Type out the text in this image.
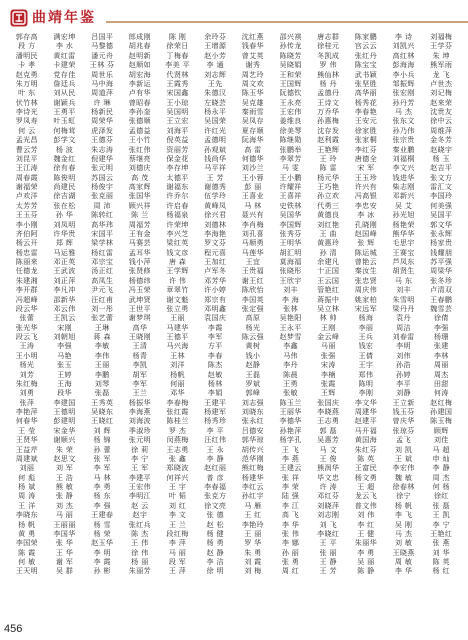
曲靖年鉴
郭存高	满宏坤	吕国平	郎成刚	陈 刚	余玲芬	沈红燕	邵兴祺	唐志群	陈家鹏	李 诗	刘福梅
段 方	李 水	马黎德	胡兆春	徐荣日	王增源	钱春华	孙传龙	徐桂元	宫云云	刘凯兴	王学芬
潘明民	黄红雷	潘元舟	赵明新	丁梅春	赵小芳	曾艾英	陈晓芳	冬凯成	张红丹	高红林	朱 坤
卡 孝	卡建荣	王林 芬	赵顺如	李美 平	李 通	谢秀	吴晓娟	罗 伟	陈宝宝	彭海海	熊军雨
赵克勇	党存佳	周世乐	胡宏海	代贤林	刘志辉	周艺玲	王和荣	熊仙林	武书颖	李小兵	龙 飞
朱万明	詹廷兵	马中海	李新运	王霞秀	王先	周文欢	王国辉	杨 丹	张坚胜	邹振辉	卢世杰
叶 东	刘从民	周道萍	卢有华	宋国鑫	朱德汉	陈玉华	阮德钦	孟德丹	高华丽	张宏刚	刘记梅
伏竹林	谢颖兵	许 琳	曾昭春	王小琼	左晓芸	吴克雄	王永亮	王诗文	杨秀花	孙丹芳	赵来荣
李诗光	王勇平	杨新民	李孙奎	吴国明	杨永平	秦雨雪	王宏伟	万乔华	李春艳	马 杰	沈贵友
罗凤寿	叶玉虹	周荣华	张德顺	王立宏	吴国荣	吴凤存	姜维良	孙惠梅	王安元	张东文	徐中云
何 云	何梅茸	虎泽发	孟德益	刘海平	许红光	夏存顺	徐美琴	沈存发	徐家胜	孙乃伟	周维萍
孟光昌	彭学文	王德芬	王小竹	倪英益	孟德明	阮海华	陈继勋	赵利霞	张家桐	张宗贵	金冬芳
曹云芳	杨 波	朱志涛	张红伟	资丽芳	孙观斌	高 雷	张鹏举	王艳辉	李红芬	秦业鹏	赵晓宇
刘昆平	魏金红	倪建华	蔡继亮	保金花	钱尚华	何德华	李翠芳	王 玲	唐德全	刘福桐	杨 玉
王江涛	徐有春	张元明	刘德庆	李存坤	马平祥	刘沙兰	马 雯	陈 雷	宋 军	李文兴	赵吉平
周春霞	陈俊明	苏国云	高 茂	太德平	王 芳	王小蓉	王小鹏	杨元华	王玉珍	钱进华	张文方
谢福荣	尚建民	杨俊宇	高家辉	谢福东	谢德秀	彭 丽	许耀祥	王巧艳	许兴有	柴志刚	雷汇文
卢欢洋	徐吉湖	张克丽	张国华	许乔尔	伍学玲	王喜业	王喜祥	孙立欢	冯高银	邓新兴	李国玲
太芳芳	张在松	周 沛	顾兴祥	许启春	黄峰凤	马 林	史铁林	代勇三	李忠安	吴 艾	何美强
王玉芬	孙 华	陈转红	陈 兰	杨福泉	徐兴君	聂兴有	吴国华	黄德良	李 冰	孙光旭	吴国平
李小刚	刘凤明	高华玮	周福芳	许荣坤	刘德林	李肖梅	李国辉	刘红艳	孔晓刚	杨艳荣	郭文华
齐伯阿	许华贵	宋国平	王有金	李兴芝	李海艳	刘孔喜	张秀芬	王 曲	赵国峰	熊华华	张永辉
杨云开	郑 辉	梁学林	马赛芸	梁红英	罗文芬	马顺勇	王明华	黄惠玲	张 辉	毛思宇	杨家贵
杨忠雷	马运雅	杨红雷	孟耳华	钱文彦	程元喜	马莲华	胡汇明	孙 清	陈运城	王赛宝	钱耀朋
陈丽来	邓正英	邓宗宝	钱小萍	唐 森	王加红	王宜	莫海福	余建凡	曾艳云	芦凤东	苏平强
任德龙	王武波	汤正红	张贤修	王学辉	卢军冬	王贵福	张晓彤	十正国	秦汝生	胡贤生	周梁华
朱建湘	刘正萍	高凤生	杨德纬	许 伟	邓芳华	谢王红	王欣宇	王云国	张忠贤	马 东	张冬珍
李开群	李凡冲	尹元飞	冯玉荣	章翠竹	许小婷	陈欣怡	刘丰	管艳红	周庆伟	刘丰	卢清双
冯超峰	邵新华	汪红甫	武坤贤	谢文魁	郑宗有	李国英	李 海	蒋振中	姚家柏	朱雪明	王春鹏
段云华	邓云伟	刘一彤	王世平	张立勇	邓明鑫	张定强	张林	吴立林	宋远军	梁丹丹	魏雪芸
张蕾	王凯云	张艺蕾	谢梦琪	王丽	袁国庆	高原	吴艳阳	林 帅	杨海	袁丹	徐倩
张光华	宋刚	王琳	高华	马建华	李霞	杨光	王永平	王刚	李丽	周洁	李强
段云飞	刘朝旭	蒋 森	王晓刚	王德平	李军	陈云强	赵梦雪	金云峰	王兵	刘春雷	杨珊
王涛	李强	李敏	王清	马兴海	方平	黄树	李鑫	马丽	钱宏	李明	张建
王小明	马艳	李伟	杨青	王林	李春	钱小	马伟	张强	王倩	刘伟	李林
杨光	张玉	王丽	李凯	刘洋	陈杰	赵静	李丹	宋涛	王宇	孙浩	周丽
刘芳	王婷	李鹏	胡军	杨帆	赵敏	王磊	陈晨	李楠	郑伟	孙婷	周杰
朱红梅	王海	刘琴	李军	何丽	杨林	罗斌	王勇	张霞	陈明	李平	田甜
刘勇	段华	张磊	王兰	邓华	李娟	郭峰	张敏	王辉	李刚	刘静	何涛
张萍	李建国	王秀英	杨振华	李春梅	王建平	刘志强	陈玉兰	张国庆	李文华	王立新	赵红梅
李艳萍	王德明	吴晓东	李海燕	张红霞	杨建军	刘晓东	王丽华	李晓燕	周建华	钱玉芬	孙建国
何春华	彭建明	王晓红	刘海波	陈桂兰	杨秀珍	张永红	李德华	王志勇	赵建平	曾庆华	陈玉梅
王 莹	宋金华	刘 辉	季淑珍	罗 杰	李 平	吕德安	孙艳萍	郭 磊	马开福	张琼芬	顾辉
王贤华	谢顺兴	杨 锦	张元明	闵燕梅	汪红伟	郭华琼	杨学孔	吴惠芳	黄国海	孟飞	刘佳
王益芹	朱 荣	孙 蕾	徐 莉	王志勇	王 永	胡传兴	王 飞	马 文	朱红芬	刘 凯	马 超
周建斌	赵思文	张 军	李 宁	张 鑫	李 静	范华刚	李 燕	王 俊	陈 英	王 斌	申 灿
刘丽	刘 军	李 军	王 军	郑晓波	赵红丽	熊红梅	王建云	熊润华	王富民	李宏伟	李 静
何 彪	王 浩	马 林	李建平	何祥兴	普 彦	杨建华	张 祥	毕文忠	杨文勇	魏 敏	周 杰
杨 斌	熊 敏	李 勇	王宏伟	王 宇	李春福	李红云	李 荣	许 涛	王 超	徐春林	何 杨
周 涛	张 静	杨 东	李明江	叶 韬	张克方	孙红宇	陆 强	邓红芬	龙云飞	徐宁	徐红
王 洋	刘 杰	李 强	赵 云	刘 红	徐文亮	马 雁	李 江	刘晓萍	普文伟	杨 帆	张 磊
李晓东	马 丽	王建春	赵宇	李 文	张 德	王 红	高 飞	刘志刚	刘 伟	李 飞	王 凯
杨 帆	王丽丽	杨 雪	张红兵	王 兰	赵 松	李艳玲	李 华	刘 飞	李 红	吴 刚	李 宁
黄 勇	李国华	杨 荣	陈 杰	段红梅	杨 健	王 丽	张 伟	李晓红	王 健	马 杰	王艳红
李国荣	张 华	赵玉华	王 伟	李 萍	杨 勇	罗 华	李 娜	王 平	朱丽华	刘 敏	张 燕
陈 霞	王 华	李 明	徐 伟	马 丽	赵 静	朱 勇	孙 丽	张 丽	李 勇	王晓燕	刘 华
何 敏	谢 军	李 霞	杨 丽	段 军	李 洁	刘 霞	张 勇	王 静	吴 丽	周 敏	陈 英
王天明	吴 群	孙 彬	朱丽芳	王 萍	徐 明	刘 梅	周 红	王 芳	陈 静	李 华	杨 红
456
